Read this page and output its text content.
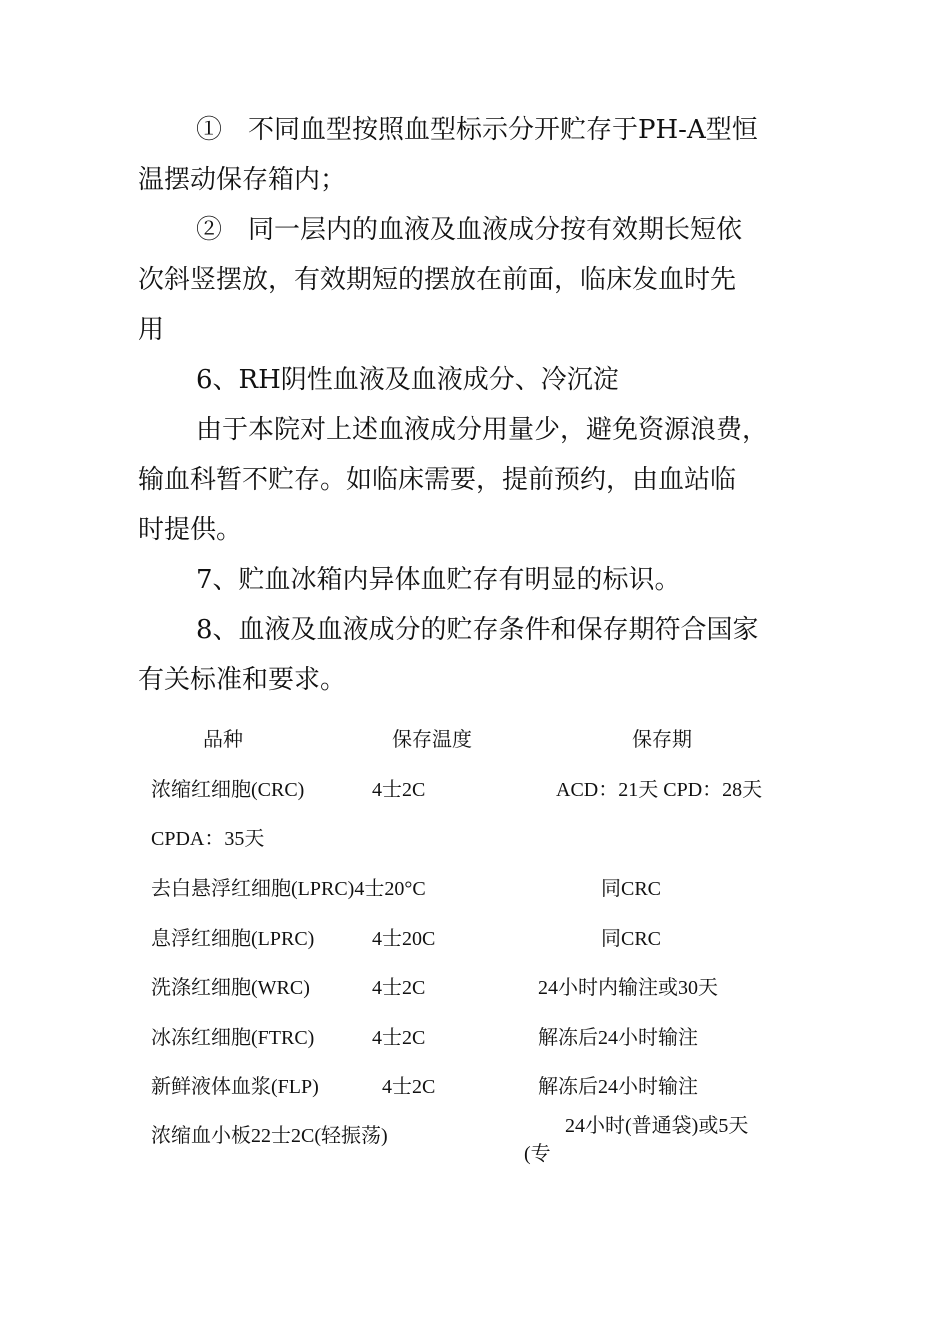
①　不同血型按照血型标示分开贮存于PH-A型恒
温摆动保存箱内；
②　同一层内的血液及血液成分按有效期长短依
次斜竖摆放，有效期短的摆放在前面，临床发血时先
用
6、RH阴性血液及血液成分、冷沉淀
由于本院对上述血液成分用量少，避免资源浪费，
输血科暂不贮存。如临床需要，提前预约，由血站临
时提供。
7、贮血冰箱内异体血贮存有明显的标识。
8、血液及血液成分的贮存条件和保存期符合国家
有关标准和要求。
品种	保存温度	保存期
浓缩红细胞(CRC)	4士2C	ACD：21天 CPD：28天
CPDA：35天
去白悬浮红细胞(LPRC)4士20°C	同CRC
息浮红细胞(LPRC)	4士20C	同CRC
洗涤红细胞(WRC)	4士2C	24小时内输注或30天
冰冻红细胞(FTRC)	4士2C	解冻后24小时输注
新鲜液体血浆(FLP)	4士2C	解冻后24小时输注
浓缩血小板22士2C(轻振荡)	24小时(普通袋)或5天
(专
